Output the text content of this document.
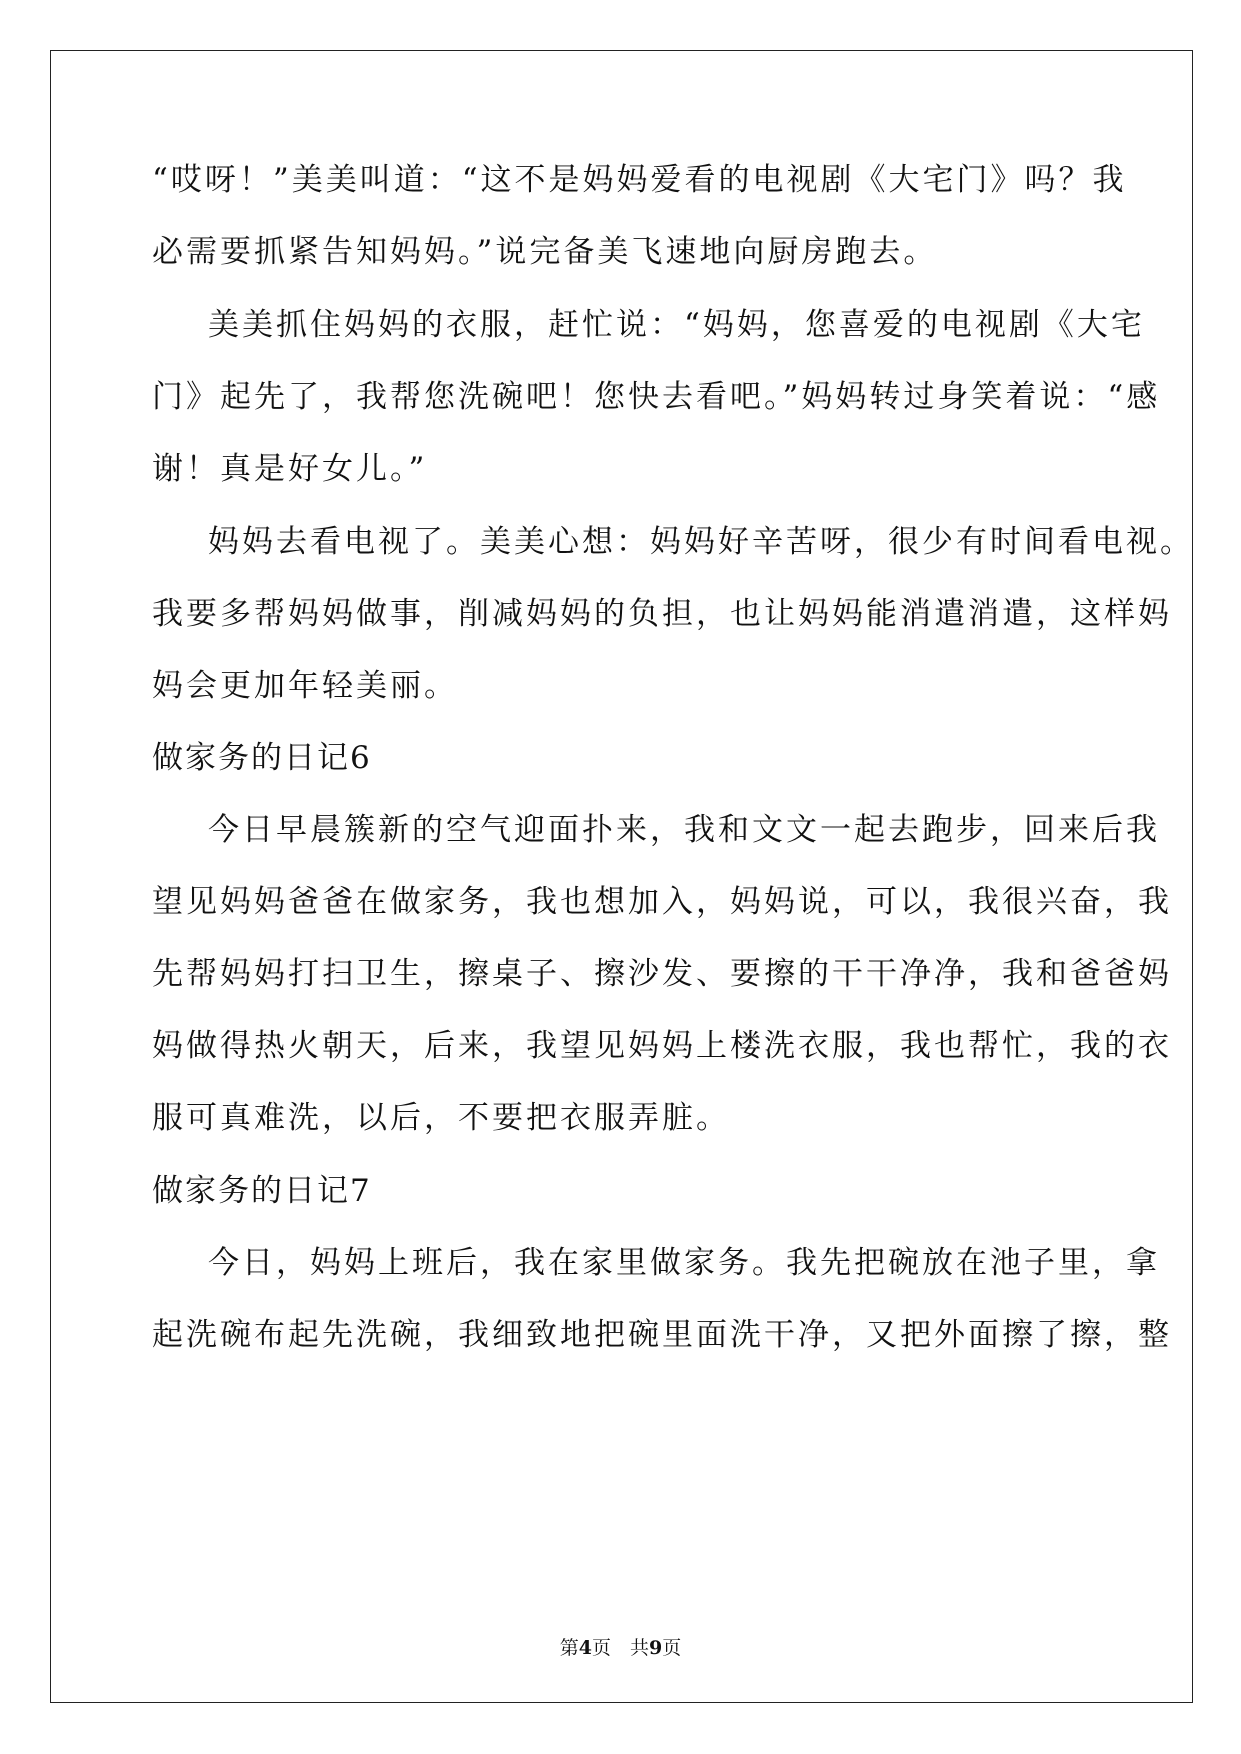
“哎呀！”美美叫道：“这不是妈妈爱看的电视剧《大宅门》吗？我
必需要抓紧告知妈妈。”说完备美飞速地向厨房跑去。
美美抓住妈妈的衣服，赶忙说：“妈妈，您喜爱的电视剧《大宅
门》起先了，我帮您洗碗吧！您快去看吧。”妈妈转过身笑着说：“感
谢！真是好女儿。”
妈妈去看电视了。美美心想：妈妈好辛苦呀，很少有时间看电视。
我要多帮妈妈做事，削减妈妈的负担，也让妈妈能消遣消遣，这样妈
妈会更加年轻美丽。
做家务的日记6
今日早晨簇新的空气迎面扑来，我和文文一起去跑步，回来后我
望见妈妈爸爸在做家务，我也想加入，妈妈说，可以，我很兴奋，我
先帮妈妈打扫卫生，擦桌子、擦沙发、要擦的干干净净，我和爸爸妈
妈做得热火朝天，后来，我望见妈妈上楼洗衣服，我也帮忙，我的衣
服可真难洗，以后，不要把衣服弄脏。
做家务的日记7
今日，妈妈上班后，我在家里做家务。我先把碗放在池子里，拿
起洗碗布起先洗碗，我细致地把碗里面洗干净，又把外面擦了擦，整
第4页　共9页
